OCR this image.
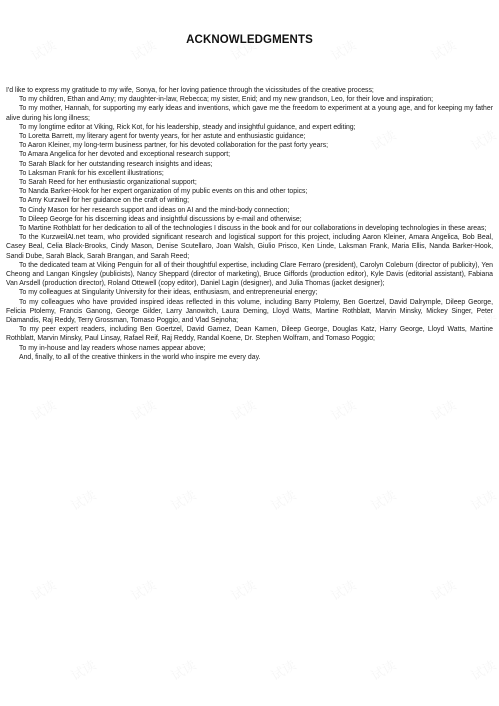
ACKNOWLEDGMENTS

I'd like to express my gratitude to my wife, Sonya, for her loving patience through the vicissitudes of the creative process;

To my children, Ethan and Amy; my daughter-in-law, Rebecca; my sister, Enid; and my new grandson, Leo, for their love and inspiration;

To my mother, Hannah, for supporting my early ideas and inventions, which gave me the freedom to experiment at a young age, and for keeping my father alive during his long illness;

To my longtime editor at Viking, Rick Kot, for his leadership, steady and insightful guidance, and expert editing;

To Loretta Barrett, my literary agent for twenty years, for her astute and enthusiastic guidance;

To Aaron Kleiner, my long-term business partner, for his devoted collaboration for the past forty years;

To Amara Angelica for her devoted and exceptional research support;

To Sarah Black for her outstanding research insights and ideas;

To Laksman Frank for his excellent illustrations;

To Sarah Reed for her enthusiastic organizational support;

To Nanda Barker-Hook for her expert organization of my public events on this and other topics;

To Amy Kurzweil for her guidance on the craft of writing;

To Cindy Mason for her research support and ideas on AI and the mind-body connection;

To Dileep George for his discerning ideas and insightful discussions by e-mail and otherwise;

To Martine Rothblatt for her dedication to all of the technologies I discuss in the book and for our collaborations in developing technologies in these areas;

To the KurzweilAI.net team, who provided significant research and logistical support for this project, including Aaron Kleiner, Amara Angelica, Bob Beal, Casey Beal, Celia Black-Brooks, Cindy Mason, Denise Scutellaro, Joan Walsh, Giulio Prisco, Ken Linde, Laksman Frank, Maria Ellis, Nanda Barker-Hook, Sandi Dube, Sarah Black, Sarah Brangan, and Sarah Reed;

To the dedicated team at Viking Penguin for all of their thoughtful expertise, including Clare Ferraro (president), Carolyn Coleburn (director of publicity), Yen Cheong and Langan Kingsley (publicists), Nancy Sheppard (director of marketing), Bruce Giffords (production editor), Kyle Davis (editorial assistant), Fabiana Van Arsdell (production director), Roland Ottewell (copy editor), Daniel Lagin (designer), and Julia Thomas (jacket designer);

To my colleagues at Singularity University for their ideas, enthusiasm, and entrepreneurial energy;

To my colleagues who have provided inspired ideas reflected in this volume, including Barry Ptolemy, Ben Goertzel, David Dalrymple, Dileep George, Felicia Ptolemy, Francis Ganong, George Gilder, Larry Janowitch, Laura Deming, Lloyd Watts, Martine Rothblatt, Marvin Minsky, Mickey Singer, Peter Diamandis, Raj Reddy, Terry Grossman, Tomaso Poggio, and Vlad Sejnoha;

To my peer expert readers, including Ben Goertzel, David Gamez, Dean Kamen, Dileep George, Douglas Katz, Harry George, Lloyd Watts, Martine Rothblatt, Marvin Minsky, Paul Linsay, Rafael Reif, Raj Reddy, Randal Koene, Dr. Stephen Wolfram, and Tomaso Poggio;

To my in-house and lay readers whose names appear above;

And, finally, to all of the creative thinkers in the world who inspire me every day.

试读	试读	试读	试读	试读
试读	试读	试读	试读	试读
试读	试读	试读	试读	试读
试读	试读	试读	试读	试读
试读	试读	试读	试读	试读
试读	试读	试读	试读	试读
试读	试读	试读	试读	试读
试读	试读	试读	试读	试读
